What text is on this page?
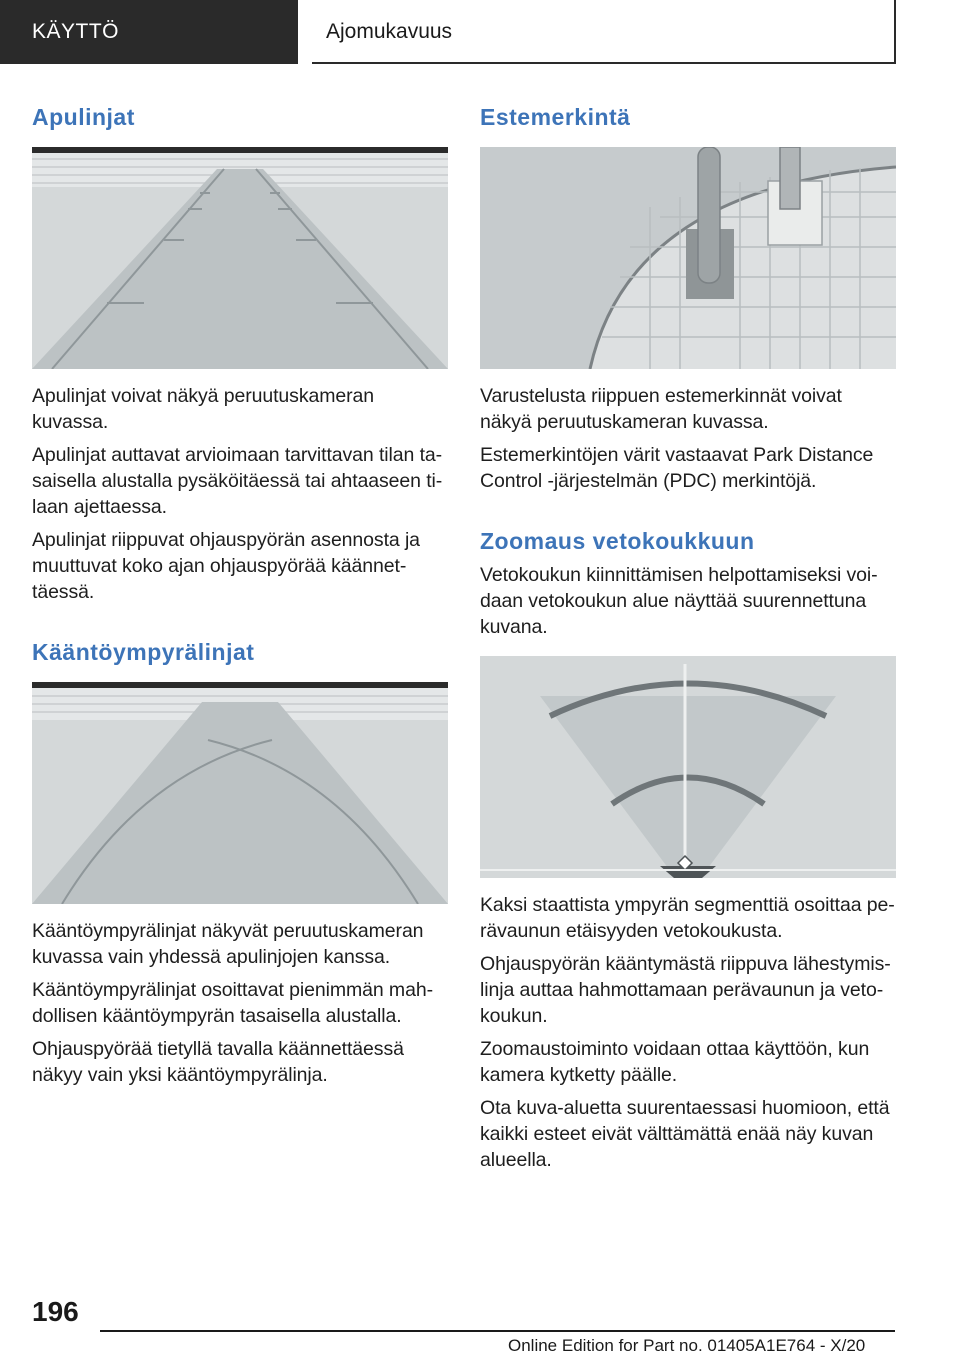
KÄYTTÖ	Ajomukavuus
Apulinjat

Apulinjat voivat näkyä peruutuskameran kuvassa.

Apulinjat auttavat arvioimaan tarvittavan tilan tasaisella alustalla pysäköitäessä tai ahtaaseen tilaan ajettaessa.

Apulinjat riippuvat ohjauspyörän asennosta ja muuttuvat koko ajan ohjauspyörää käännettäessä.

Kääntöympyrälinjat

Kääntöympyrälinjat näkyvät peruutuskameran kuvassa vain yhdessä apulinjojen kanssa.

Kääntöympyrälinjat osoittavat pienimmän mahdollisen kääntöympyrän tasaisella alustalla.

Ohjauspyörää tietyllä tavalla käännettäessä näkyy vain yksi kääntöympyrälinja.

Estemerkintä

Varustelusta riippuen estemerkinnät voivat näkyä peruutuskameran kuvassa.

Estemerkintöjen värit vastaavat Park Distance Control -järjestelmän (PDC) merkintöjä.

Zoomaus vetokoukkuun

Vetokoukun kiinnittämisen helpottamiseksi voidaan vetokoukun alue näyttää suurennettuna kuvana.

Kaksi staattista ympyrän segmenttiä osoittaa perävaunun etäisyyden vetokoukusta.

Ohjauspyörän kääntymästä riippuva lähestymislinja auttaa hahmottamaan perävaunun ja vetokoukun.

Zoomaustoiminto voidaan ottaa käyttöön, kun kamera kytketty päälle.

Ota kuva-aluetta suurentaessasi huomioon, että kaikki esteet eivät välttämättä enää näy kuvan alueella.

196
Online Edition for Part no. 01405A1E764 - X/20
